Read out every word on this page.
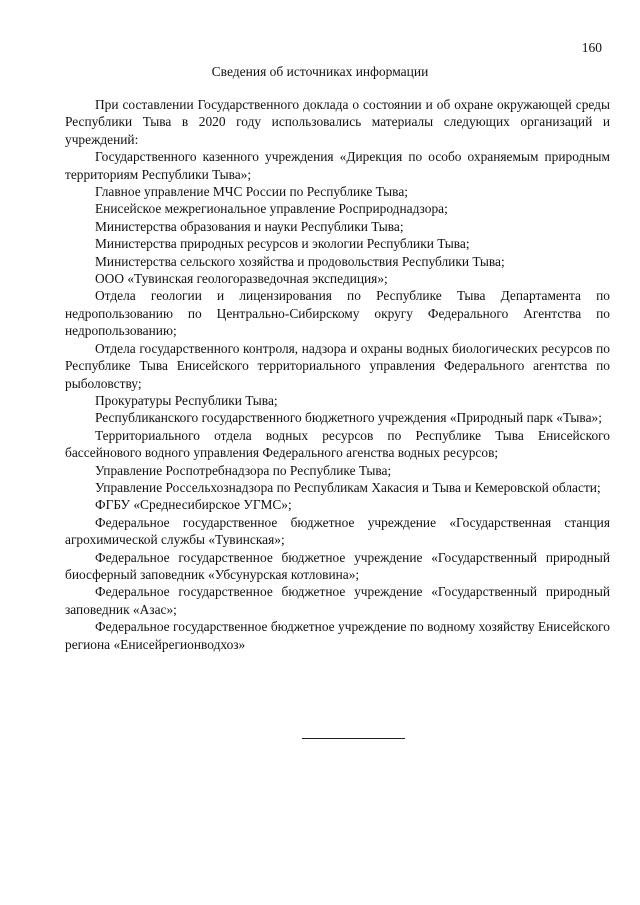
160
Сведения об источниках информации

При составлении Государственного доклада о состоянии и об охране окружающей среды Республики Тыва в 2020 году использовались материалы следующих организаций и учреждений:

Государственного казенного учреждения «Дирекция по особо охраняемым природным территориям Республики Тыва»;

Главное управление МЧС России по Республике Тыва;

Енисейское межрегиональное управление Росприроднадзора;

Министерства образования и науки Республики Тыва;

Министерства природных ресурсов и экологии Республики Тыва;

Министерства сельского хозяйства и продовольствия Республики Тыва;

ООО «Тувинская геологоразведочная экспедиция»;

Отдела геологии и лицензирования по Республике Тыва Департамента по недропользованию по Центрально-Сибирскому округу Федерального Агентства по недропользованию;

Отдела государственного контроля, надзора и охраны водных биологических ресурсов по Республике Тыва Енисейского территориального управления Федерального агентства по рыболовству;

Прокуратуры Республики Тыва;

Республиканского государственного бюджетного учреждения «Природный парк «Тыва»;

Территориального отдела водных ресурсов по Республике Тыва Енисейского бассейнового водного управления Федерального агенства водных ресурсов;

Управление Роспотребнадзора по Республике Тыва;

Управление Россельхознадзора по Республикам Хакасия и Тыва и Кемеровской области;

ФГБУ «Среднесибирское УГМС»;

Федеральное государственное бюджетное учреждение «Государственная станция агрохимической службы «Тувинская»;

Федеральное государственное бюджетное учреждение «Государственный природный биосферный заповедник «Убсунурская котловина»;

Федеральное государственное бюджетное учреждение «Государственный природный заповедник «Азас»;

Федеральное государственное бюджетное учреждение по водному хозяйству Енисейского региона «Енисейрегионводхоз»
